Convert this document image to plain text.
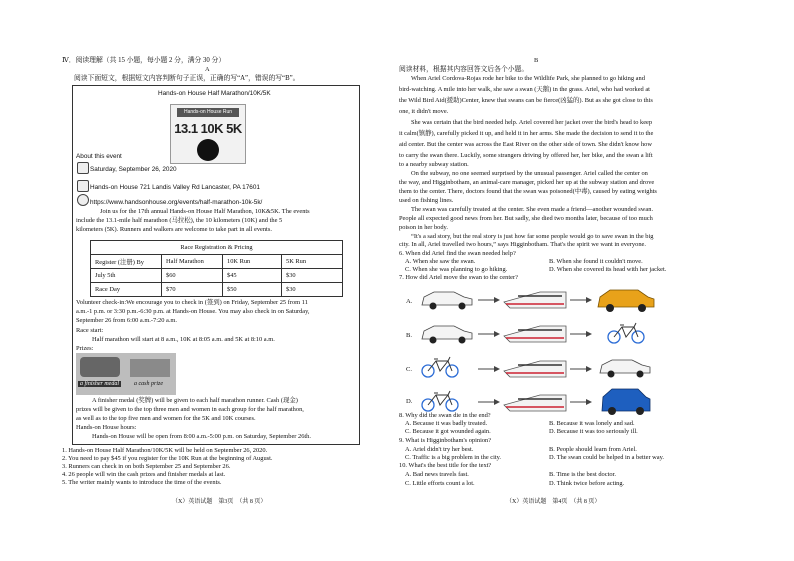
Ⅳ．阅读理解（共 15 小题，每小题 2 分，满分 30 分）
A
阅读下面短文，根据短文内容判断句子正误，正确的写“A”，错误的写“B”。
Hands-on House Half Marathon/10K/5K
Hands-on House Run
13.1 10K 5K
About this event
Saturday, September 26, 2020
Hands-on House 721 Landis Valley Rd Lancaster, PA 17601
https://www.handsonhouse.org/events/half-marathon-10k-5k/
Join us for the 17th annual Hands-on House Half Marathon, 10K&5K. The events
include the 13.1-mile half marathon (马拉松), the 10 kilometers (10K) and the 5
kilometers (5K). Runners and walkers are welcome to take part in all events.
Race Registration & Pricing			
Register (注册) By	Half Marathon	10K Run	5K Run
July 5th	$60	$45	$30
Race Day	$70	$50	$30
Volunteer check-in:We encourage you to check in (签到) on Friday, September 25 from 11
a.m.-1 p.m. or 3:30 p.m.-6:30 p.m. at Hands-on House. You may also check in on Saturday,
September 26 from 6:00 a.m.-7:20 a.m.
Race start:
Half marathon will start at 8 a.m., 10K at 8:05 a.m. and 5K at 8:10 a.m.
Prizes:
a finisher medal	a cash prize
A finisher medal (奖牌) will be given to each half marathon runner. Cash (现金)
prizes will be given to the top three men and women in each group for the half marathon,
as well as to the top five men and women for the 5K and 10K courses.
Hands-on House hours:
Hands-on House will be open from 8:00 a.m.-5:00 p.m. on Saturday, September 26th.
1. Hands-on House Half Marathon/10K/5K will be held on September 26, 2020.
2. You need to pay $45 if you register for the 10K Run at the beginning of August.
3. Runners can check in on both September 25 and September 26.
4. 26 people will win the cash prizes and finisher medals at last.
5. The writer mainly wants to introduce the time of the events.
（X）英语试题　第3页　（共 8 页）
B
阅读材料，根据其内容回答文后各个小题。
When Ariel Cordova-Rojas rode her bike to the Wildlife Park, she planned to go hiking and
bird-watching. A mile into her walk, she saw a swan (天鹅) in the grass. Ariel, who had worked at
the Wild Bird Aid(援助)Center, knew that swans can be fierce(凶猛的). But as she got close to this
one, it didn't move.
She was certain that the bird needed help. Ariel covered her jacket over the bird's head to keep
it calm(镇静), carefully picked it up, and held it in her arms. She made the decision to send it to the
aid center. But the center was across the East River on the other side of town. She didn't know how
to carry the swan there. Luckily, some strangers driving by offered her, her bike, and the swan a lift
to a nearby subway station.
On the subway, no one seemed surprised by the unusual passenger. Ariel called the center on
the way, and Higginbotham, an animal-care manager, picked her up at the subway station and drove
them to the center. There, doctors found that the swan was poisoned(中毒), caused by eating weights
used on fishing lines.
The swan was carefully treated at the center. She even made a friend—another wounded swan.
People all expected good news from her. But sadly, she died two months later, because of too much
poison in her body.
“It's a sad story, but the real story is just how far some people would go to save swan in the big
city. In all, Ariel travelled two hours,” says Higginbotham. That's the spirit we want in everyone.
6. When did Ariel find the swan needed help?
A. When she saw the swan.	B. When she found it couldn't move.
C. When she was planning to go hiking.	D. When she covered its head with her jacket.
7. How did Ariel move the swan to the center?
A.
B.
C.
D.
8. Why did the swan die in the end?
A. Because it was badly treated.	B. Because it was lonely and sad.
C. Because it got wounded again.	D. Because it was too seriously ill.
9. What is Higginbotham's opinion?
A. Ariel didn't try her best.	B. People should learn from Ariel.
C. Traffic is a big problem in the city.	D. The swan could be helped in a better way.
10. What's the best title for the text?
A. Bad news travels fast.	B. Time is the best doctor.
C. Little efforts count a lot.	D. Think twice before acting.
（X）英语试题　第4页　（共 8 页）
